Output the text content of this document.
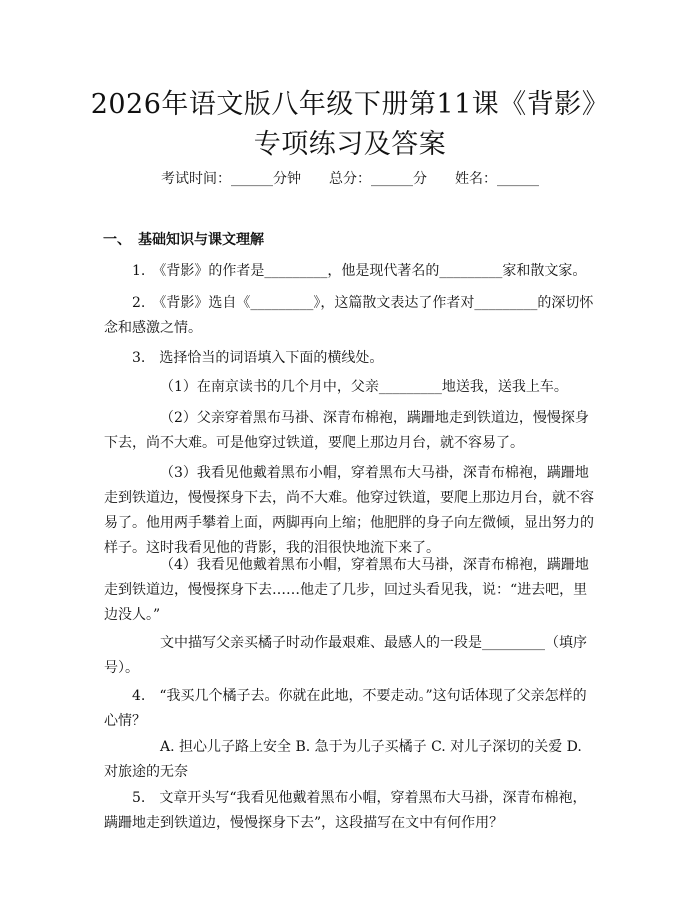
2026年语文版八年级下册第11课《背影》
专项练习及答案
考试时间：______分钟　　总分：______分　　姓名：______
一、　基础知识与课文理解

1.　《背影》的作者是_________，他是现代著名的_________家和散文家。

2.　《背影》选自《_________》，这篇散文表达了作者对_________的深切怀念和感激之情。

3.　选择恰当的词语填入下面的横线处。

（1）在南京读书的几个月中，父亲_________地送我，送我上车。

（2）父亲穿着黑布马褂、深青布棉袍，蹒跚地走到铁道边，慢慢探身下去，尚不大难。可是他穿过铁道，要爬上那边月台，就不容易了。

（3）我看见他戴着黑布小帽，穿着黑布大马褂，深青布棉袍，蹒跚地走到铁道边，慢慢探身下去，尚不大难。他穿过铁道，要爬上那边月台，就不容易了。他用两手攀着上面，两脚再向上缩；他肥胖的身子向左微倾，显出努力的样子。这时我看见他的背影，我的泪很快地流下来了。

（4）我看见他戴着黑布小帽，穿着黑布大马褂，深青布棉袍，蹒跚地走到铁道边，慢慢探身下去……他走了几步，回过头看见我，说：“进去吧，里边没人。”

文中描写父亲买橘子时动作最艰难、最感人的一段是_________（填序号）。

4.　“我买几个橘子去。你就在此地，不要走动。”这句话体现了父亲怎样的心情？

A. 担心儿子路上安全 B. 急于为儿子买橘子 C. 对儿子深切的关爱 D. 对旅途的无奈

5.　文章开头写“我看见他戴着黑布小帽，穿着黑布大马褂，深青布棉袍，蹒跚地走到铁道边，慢慢探身下去”，这段描写在文中有何作用？
